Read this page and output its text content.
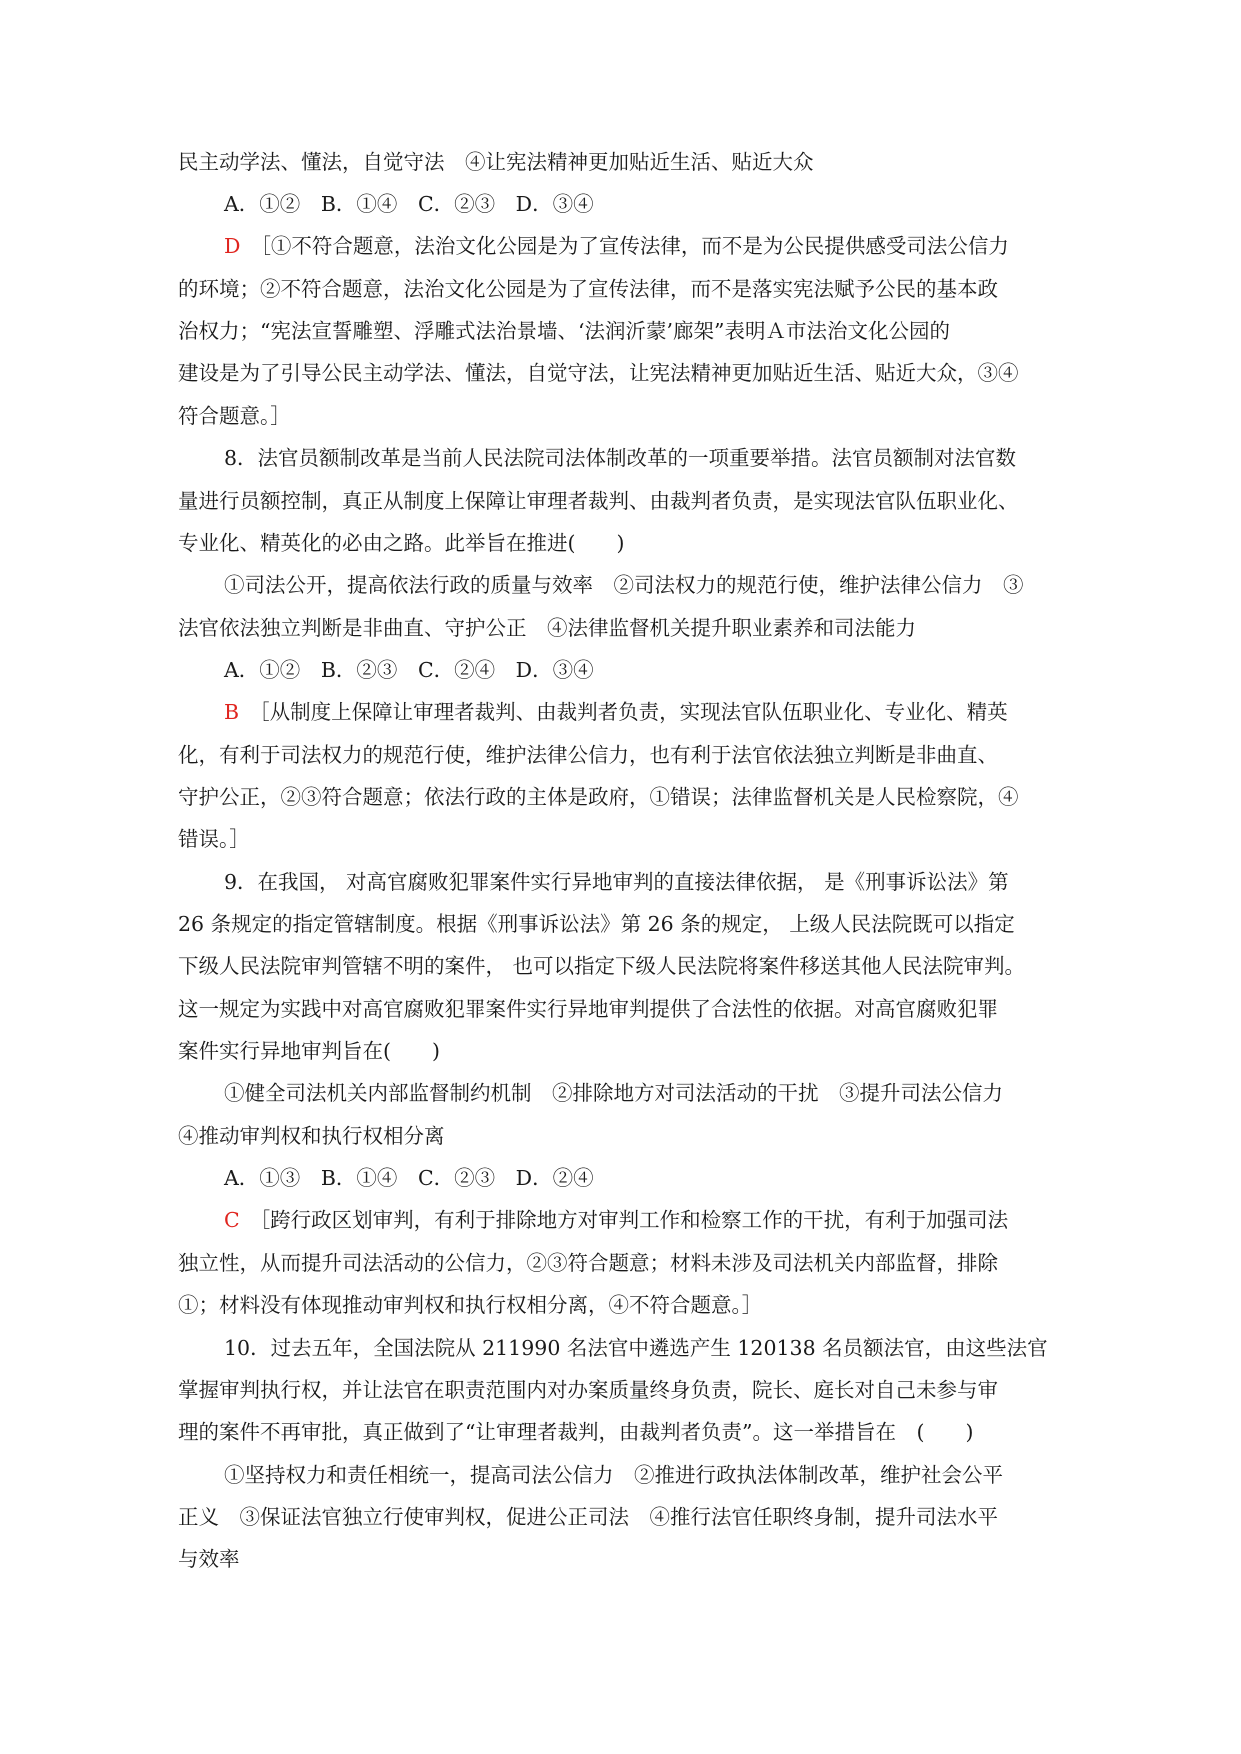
民主动学法、懂法，自觉守法　④让宪法精神更加贴近生活、贴近大众
A．①② B．①④ C．②③ D．③④
D ［①不符合题意，法治文化公园是为了宣传法律，而不是为公民提供感受司法公信力
的环境；②不符合题意，法治文化公园是为了宣传法律，而不是落实宪法赋予公民的基本政
治权力；“宪法宣誓雕塑、浮雕式法治景墙、‘法润沂蒙’廊架”表明Ａ市法治文化公园的
建设是为了引导公民主动学法、懂法，自觉守法，让宪法精神更加贴近生活、贴近大众，③④
符合题意。］
8．法官员额制改革是当前人民法院司法体制改革的一项重要举措。法官员额制对法官数
量进行员额控制，真正从制度上保障让审理者裁判、由裁判者负责，是实现法官队伍职业化、
专业化、精英化的必由之路。此举旨在推进(　　)
①司法公开，提高依法行政的质量与效率　②司法权力的规范行使，维护法律公信力　③
法官依法独立判断是非曲直、守护公正　④法律监督机关提升职业素养和司法能力
A．①② B．②③ C．②④ D．③④
B ［从制度上保障让审理者裁判、由裁判者负责，实现法官队伍职业化、专业化、精英
化，有利于司法权力的规范行使，维护法律公信力，也有利于法官依法独立判断是非曲直、
守护公正，②③符合题意；依法行政的主体是政府，①错误；法律监督机关是人民检察院，④
错误。］
9．在我国， 对高官腐败犯罪案件实行异地审判的直接法律依据， 是《刑事诉讼法》第
26 条规定的指定管辖制度。根据《刑事诉讼法》第 26 条的规定， 上级人民法院既可以指定
下级人民法院审判管辖不明的案件， 也可以指定下级人民法院将案件移送其他人民法院审判。
这一规定为实践中对高官腐败犯罪案件实行异地审判提供了合法性的依据。对高官腐败犯罪
案件实行异地审判旨在(　　)
①健全司法机关内部监督制约机制　②排除地方对司法活动的干扰　③提升司法公信力
④推动审判权和执行权相分离
A．①③ B．①④ C．②③ D．②④
C ［跨行政区划审判，有利于排除地方对审判工作和检察工作的干扰，有利于加强司法
独立性，从而提升司法活动的公信力，②③符合题意；材料未涉及司法机关内部监督，排除
①；材料没有体现推动审判权和执行权相分离，④不符合题意。］
10．过去五年，全国法院从 211990 名法官中遴选产生 120138 名员额法官，由这些法官
掌握审判执行权，并让法官在职责范围内对办案质量终身负责，院长、庭长对自己未参与审
理的案件不再审批，真正做到了“让审理者裁判，由裁判者负责”。这一举措旨在　(　　)
①坚持权力和责任相统一，提高司法公信力　②推进行政执法体制改革，维护社会公平
正义　③保证法官独立行使审判权，促进公正司法　④推行法官任职终身制，提升司法水平
与效率
